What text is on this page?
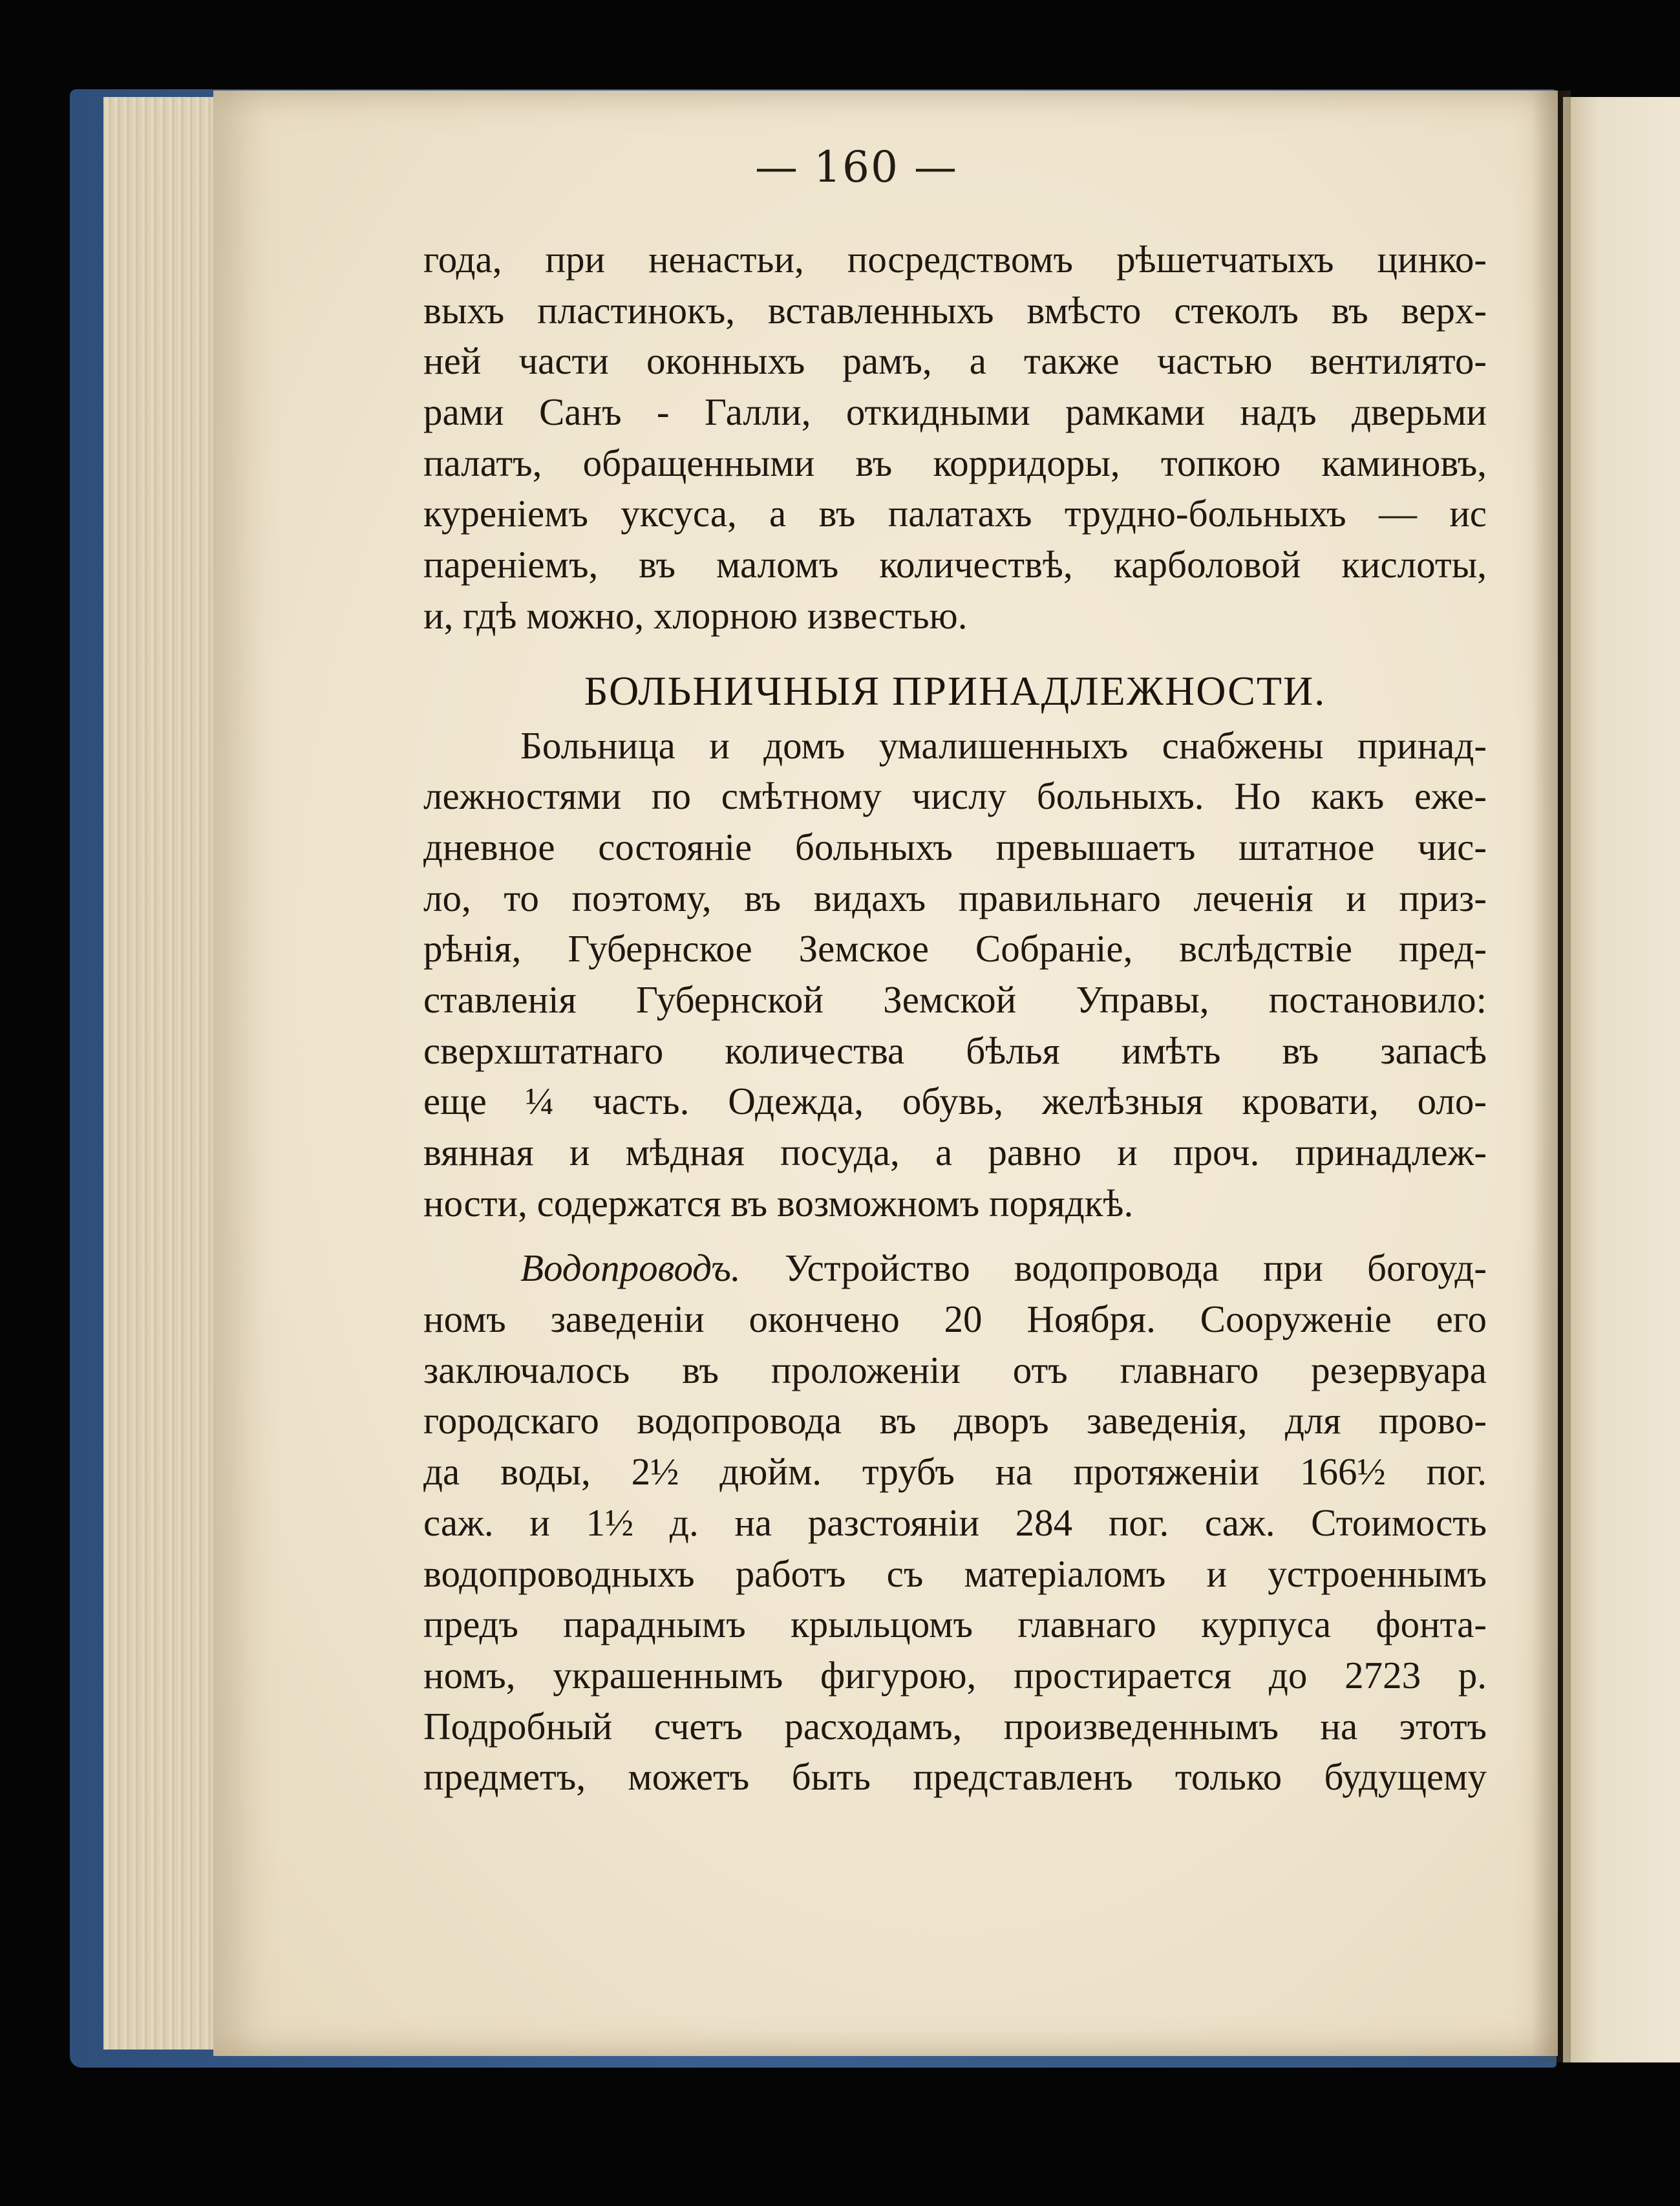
— 160 —
года, при ненастьи, посредствомъ рѣшетчатыхъ цинко-
выхъ пластинокъ, вставленныхъ вмѣсто стеколъ въ верх-
ней части оконныхъ рамъ, а также частью вентилято-
рами Санъ - Галли, откидными рамками надъ дверьми
палатъ, обращенными въ корридоры, топкою каминовъ,
куреніемъ уксуса, а въ палатахъ трудно-больныхъ — ис
пареніемъ, въ маломъ количествѣ, карболовой кислоты,
и, гдѣ можно, хлорною известью.
БОЛЬНИЧНЫЯ ПРИНАДЛЕЖНОСТИ.
Больница и домъ умалишенныхъ снабжены принад-
лежностями по смѣтному числу больныхъ. Но какъ еже-
дневное состояніе больныхъ превышаетъ штатное чис-
ло, то поэтому, въ видахъ правильнаго леченія и приз-
рѣнія, Губернское Земское Собраніе, вслѣдствіе пред-
ставленія Губернской Земской Управы, постановило:
сверхштатнаго количества бѣлья имѣть въ запасѣ
еще ¼ часть. Одежда, обувь, желѣзныя кровати, оло-
вянная и мѣдная посуда, а равно и проч. принадлеж-
ности, содержатся въ возможномъ порядкѣ.
Водопроводъ. Устройство водопровода при богоуд-
номъ заведеніи окончено 20 Ноября. Сооруженіе его
заключалось въ проложеніи отъ главнаго резервуара
городскаго водопровода въ дворъ заведенія, для прово-
да воды, 2½ дюйм. трубъ на протяженіи 166½ пог.
саж. и 1½ д. на разстояніи 284 пог. саж. Стоимость
водопроводныхъ работъ съ матеріаломъ и устроеннымъ
предъ параднымъ крыльцомъ главнаго курпуса фонта-
номъ, украшеннымъ фигурою, простирается до 2723 р.
Подробный счетъ расходамъ, произведеннымъ на этотъ
предметъ, можетъ быть представленъ только будущему
